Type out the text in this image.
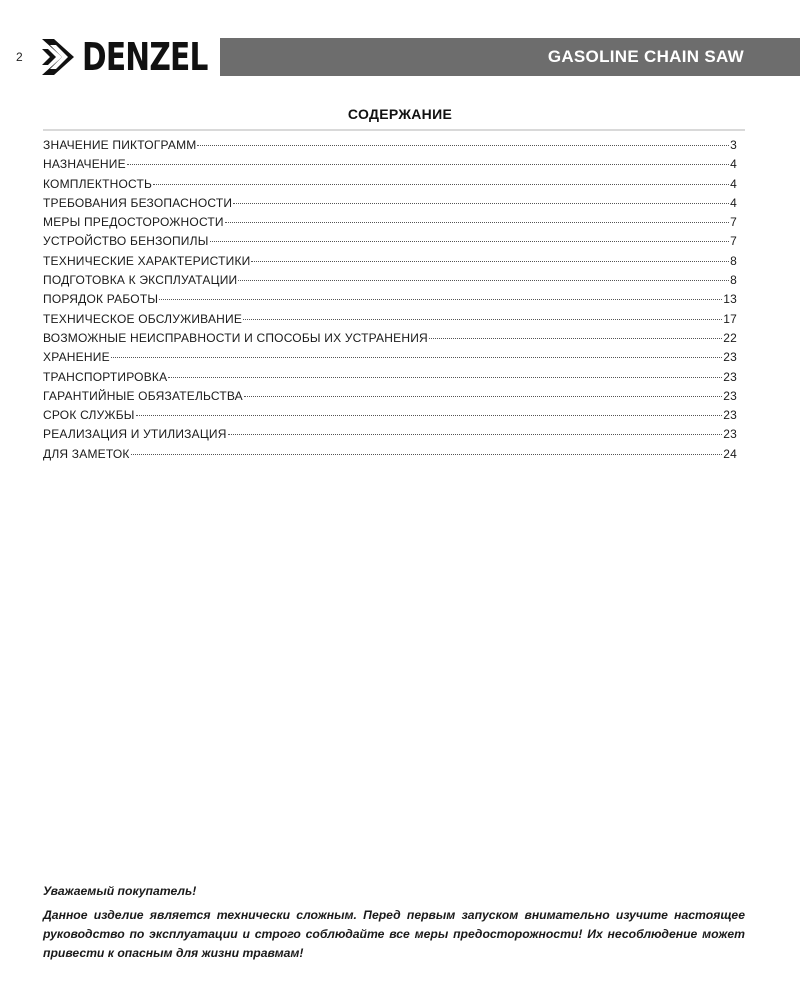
2 DENZEL	GASOLINE CHAIN SAW
СОДЕРЖАНИЕ
ЗНАЧЕНИЕ ПИКТОГРАММ	3
НАЗНАЧЕНИЕ	4
КОМПЛЕКТНОСТЬ	4
ТРЕБОВАНИЯ БЕЗОПАСНОСТИ	4
МЕРЫ ПРЕДОСТОРОЖНОСТИ	7
УСТРОЙСТВО БЕНЗОПИЛЫ	7
ТЕХНИЧЕСКИЕ ХАРАКТЕРИСТИКИ	8
ПОДГОТОВКА К ЭКСПЛУАТАЦИИ	8
ПОРЯДОК РАБОТЫ	13
ТЕХНИЧЕСКОЕ ОБСЛУЖИВАНИЕ	17
ВОЗМОЖНЫЕ НЕИСПРАВНОСТИ И СПОСОБЫ ИХ УСТРАНЕНИЯ	22
ХРАНЕНИЕ	23
ТРАНСПОРТИРОВКА	23
ГАРАНТИЙНЫЕ ОБЯЗАТЕЛЬСТВА	23
СРОК СЛУЖБЫ	23
РЕАЛИЗАЦИЯ И УТИЛИЗАЦИЯ	23
ДЛЯ ЗАМЕТОК	24

Уважаемый покупатель!

Данное изделие является технически сложным. Перед первым запуском внимательно изучите настоящее руководство по эксплуатации и строго соблюдайте все меры предосторожности! Их несоблюдение может привести к опасным для жизни травмам!
